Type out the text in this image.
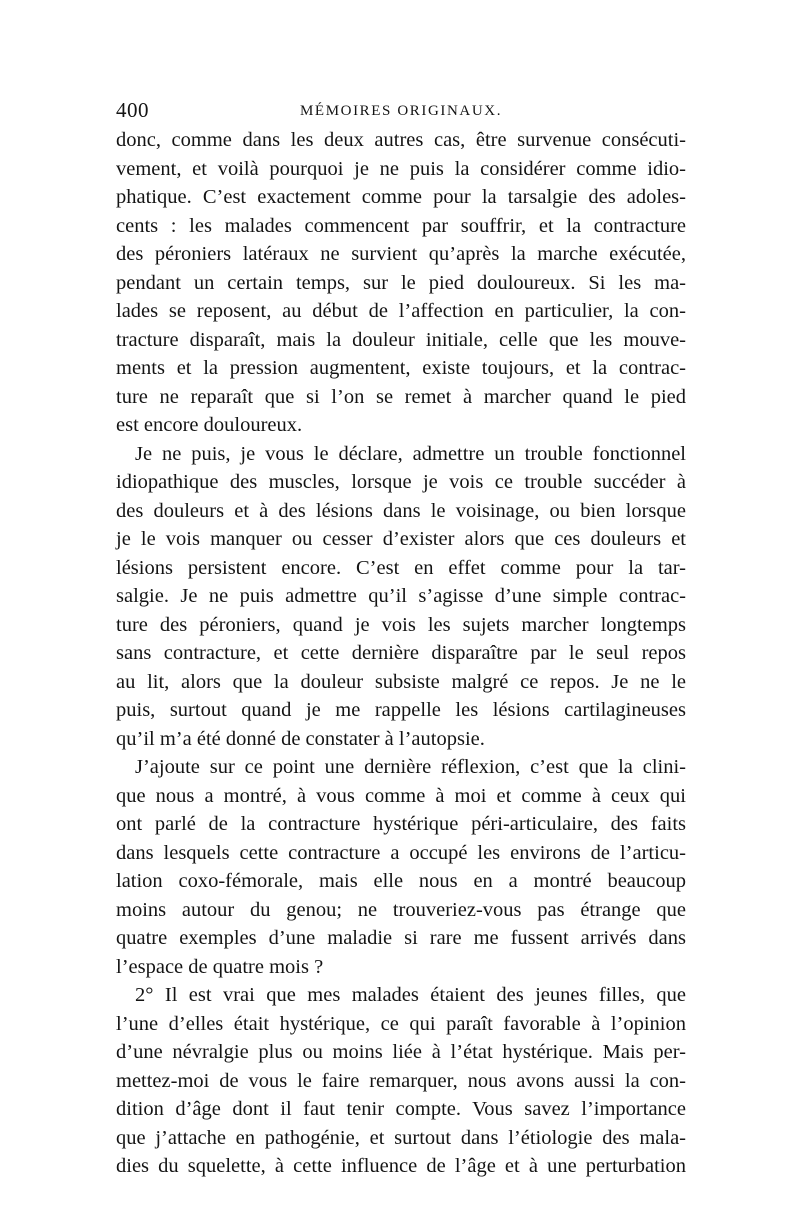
400	MÉMOIRES ORIGINAUX.
donc, comme dans les deux autres cas, être survenue consécuti-
vement, et voilà pourquoi je ne puis la considérer comme idio-
phatique. C’est exactement comme pour la tarsalgie des adoles-
cents : les malades commencent par souffrir, et la contracture
des péroniers latéraux ne survient qu’après la marche exécutée,
pendant un certain temps, sur le pied douloureux. Si les ma-
lades se reposent, au début de l’affection en particulier, la con-
tracture disparaît, mais la douleur initiale, celle que les mouve-
ments et la pression augmentent, existe toujours, et la contrac-
ture ne reparaît que si l’on se remet à marcher quand le pied
est encore douloureux.
Je ne puis, je vous le déclare, admettre un trouble fonctionnel
idiopathique des muscles, lorsque je vois ce trouble succéder à
des douleurs et à des lésions dans le voisinage, ou bien lorsque
je le vois manquer ou cesser d’exister alors que ces douleurs et
lésions persistent encore. C’est en effet comme pour la tar-
salgie. Je ne puis admettre qu’il s’agisse d’une simple contrac-
ture des péroniers, quand je vois les sujets marcher longtemps
sans contracture, et cette dernière disparaître par le seul repos
au lit, alors que la douleur subsiste malgré ce repos. Je ne le
puis, surtout quand je me rappelle les lésions cartilagineuses
qu’il m’a été donné de constater à l’autopsie.
J’ajoute sur ce point une dernière réflexion, c’est que la clini-
que nous a montré, à vous comme à moi et comme à ceux qui
ont parlé de la contracture hystérique péri-articulaire, des faits
dans lesquels cette contracture a occupé les environs de l’articu-
lation coxo-fémorale, mais elle nous en a montré beaucoup
moins autour du genou; ne trouveriez-vous pas étrange que
quatre exemples d’une maladie si rare me fussent arrivés dans
l’espace de quatre mois ?
2° Il est vrai que mes malades étaient des jeunes filles, que
l’une d’elles était hystérique, ce qui paraît favorable à l’opinion
d’une névralgie plus ou moins liée à l’état hystérique. Mais per-
mettez-moi de vous le faire remarquer, nous avons aussi la con-
dition d’âge dont il faut tenir compte. Vous savez l’importance
que j’attache en pathogénie, et surtout dans l’étiologie des mala-
dies du squelette, à cette influence de l’âge et à une perturbation
